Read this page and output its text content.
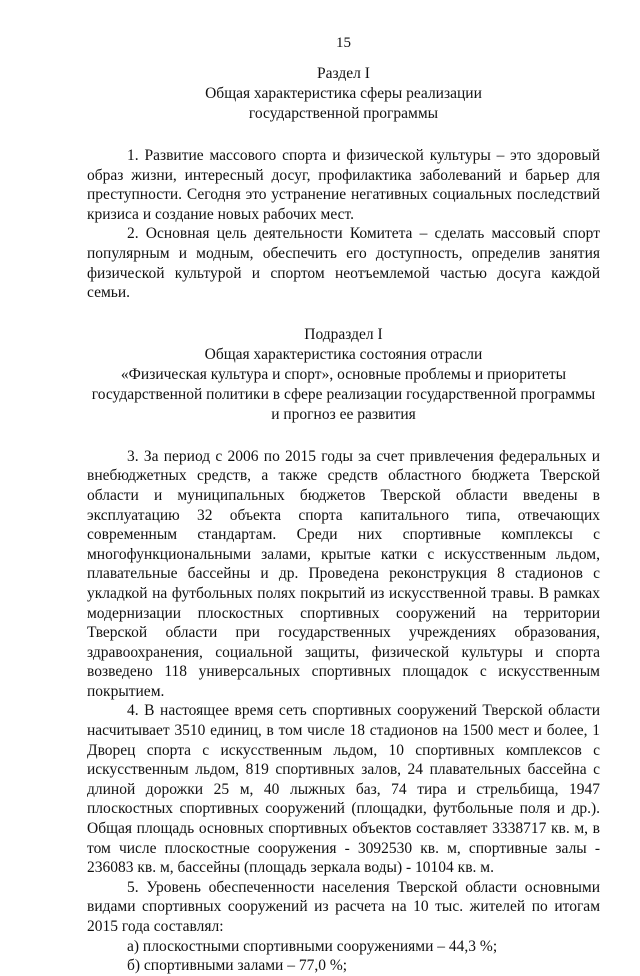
15
Раздел I
Общая характеристика сферы реализации
государственной программы

1. Развитие массового спорта и физической культуры – это здоровый образ жизни, интересный досуг, профилактика заболеваний и барьер для преступности. Сегодня это устранение негативных социальных последствий кризиса и создание новых рабочих мест.

2. Основная цель деятельности Комитета – сделать массовый спорт популярным и модным, обеспечить его доступность, определив занятия физической культурой и спортом неотъемлемой частью досуга каждой семьи.

Подраздел I
Общая характеристика состояния отрасли
«Физическая культура и спорт», основные проблемы и приоритеты
государственной политики в сфере реализации государственной программы
и прогноз ее развития

3. За период с 2006 по 2015 годы за счет привлечения федеральных и внебюджетных средств, а также средств областного бюджета Тверской области и муниципальных бюджетов Тверской области введены в эксплуатацию 32 объекта спорта капитального типа, отвечающих современным стандартам. Среди них спортивные комплексы с многофункциональными залами, крытые катки с искусственным льдом, плавательные бассейны и др. Проведена реконструкция 8 стадионов с укладкой на футбольных полях покрытий из искусственной травы. В рамках модернизации плоскостных спортивных сооружений на территории Тверской области при государственных учреждениях образования, здравоохранения, социальной защиты, физической культуры и спорта возведено 118 универсальных спортивных площадок с искусственным покрытием.

4. В настоящее время сеть спортивных сооружений Тверской области насчитывает 3510 единиц, в том числе 18 стадионов на 1500 мест и более, 1 Дворец спорта с искусственным льдом, 10 спортивных комплексов с искусственным льдом, 819 спортивных залов, 24 плавательных бассейна с длиной дорожки 25 м, 40 лыжных баз, 74 тира и стрельбища, 1947 плоскостных спортивных сооружений (площадки, футбольные поля и др.). Общая площадь основных спортивных объектов составляет 3338717 кв. м, в том числе плоскостные сооружения - 3092530 кв. м, спортивные залы - 236083 кв. м, бассейны (площадь зеркала воды) - 10104 кв. м.

5. Уровень обеспеченности населения Тверской области основными видами спортивных сооружений из расчета на 10 тыс. жителей по итогам 2015 года составлял:

а) плоскостными спортивными сооружениями – 44,3 %;

б) спортивными залами – 77,0 %;
